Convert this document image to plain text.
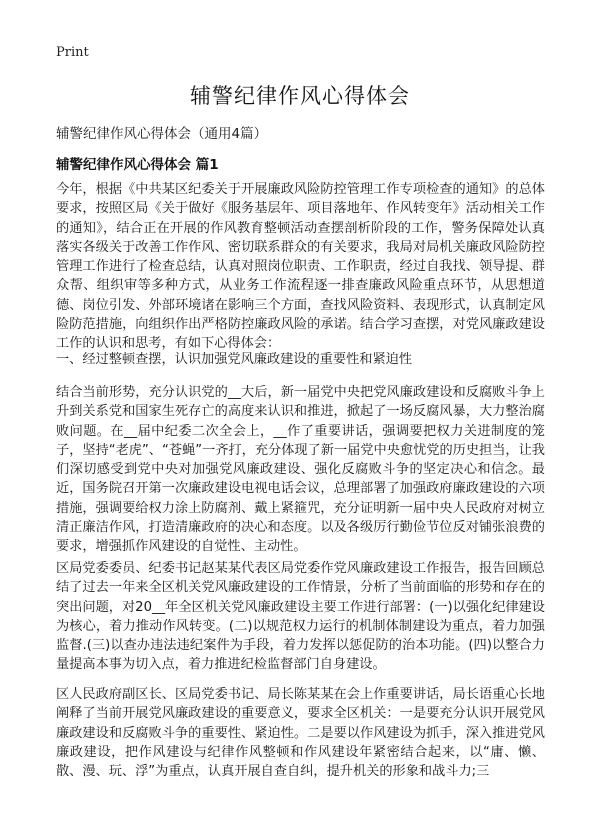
Print
辅警纪律作风心得体会
辅警纪律作风心得体会（通用4篇）
辅警纪律作风心得体会 篇1

今年，根据《中共某区纪委关于开展廉政风险防控管理工作专项检查的通知》的总体要求，按照区局《关于做好《服务基层年、项目落地年、作风转变年》活动相关工作的通知》，结合正在开展的作风教育整顿活动查摆剖析阶段的工作，警务保障处认真落实各级关于改善工作作风、密切联系群众的有关要求，我局对局机关廉政风险防控管理工作进行了检查总结，认真对照岗位职责、工作职责，经过自我找、领导提、群众帮、组织审等多种方式，从业务工作流程逐一排查廉政风险重点环节，从思想道德、岗位引发、外部环境诸在影响三个方面，查找风险资料、表现形式，认真制定风险防范措施，向组织作出严格防控廉政风险的承诺。结合学习查摆，对党风廉政建设工作的认识和思考，有如下心得体会：

一、经过整顿查摆，认识加强党风廉政建设的重要性和紧迫性

结合当前形势，充分认识党的__大后，新一届党中央把党风廉政建设和反腐败斗争上升到关系党和国家生死存亡的高度来认识和推进，掀起了一场反腐风暴，大力整治腐败问题。在__届中纪委二次全会上，__作了重要讲话，强调要把权力关进制度的笼子，坚持“老虎”、“苍蝇”一齐打，充分体现了新一届党中央愈忧党的历史担当，让我们深切感受到党中央对加强党风廉政建设、强化反腐败斗争的坚定决心和信念。最近，国务院召开第一次廉政建设电视电话会议，总理部署了加强政府廉政建设的六项措施，强调要给权力涂上防腐剂、戴上紧箍咒，充分证明新一届中央人民政府对树立清正廉洁作风，打造清廉政府的决心和态度。以及各级厉行勤俭节位反对铺张浪费的要求，增强抓作风建设的自觉性、主动性。

区局党委委员、纪委书记赵某某代表区局党委作党风廉政建设工作报告，报告回顾总结了过去一年来全区机关党风廉政建设的工作情景，分析了当前面临的形势和存在的突出问题，对20__年全区机关党风廉政建设主要工作进行部署：(一)以强化纪律建设为核心，着力推动作风转变。(二)以规范权力运行的机制体制建设为重点，着力加强监督.(三)以查办违法违纪案件为手段，着力发挥以惩促防的治本功能。(四)以整合力量提高本事为切入点，着力推进纪检监督部门自身建设。

区人民政府副区长、区局党委书记、局长陈某某在会上作重要讲话，局长语重心长地阐释了当前开展党风廉政建设的重要意义，要求全区机关：一是要充分认识开展党风廉政建设和反腐败斗争的重要性、紧迫性。二是要以作风建设为抓手，深入推进党风廉政建设，把作风建设与纪律作风整顿和作风建设年紧密结合起来，以“庸、懒、散、漫、玩、浮”为重点，认真开展自查自纠，提升机关的形象和战斗力;三
